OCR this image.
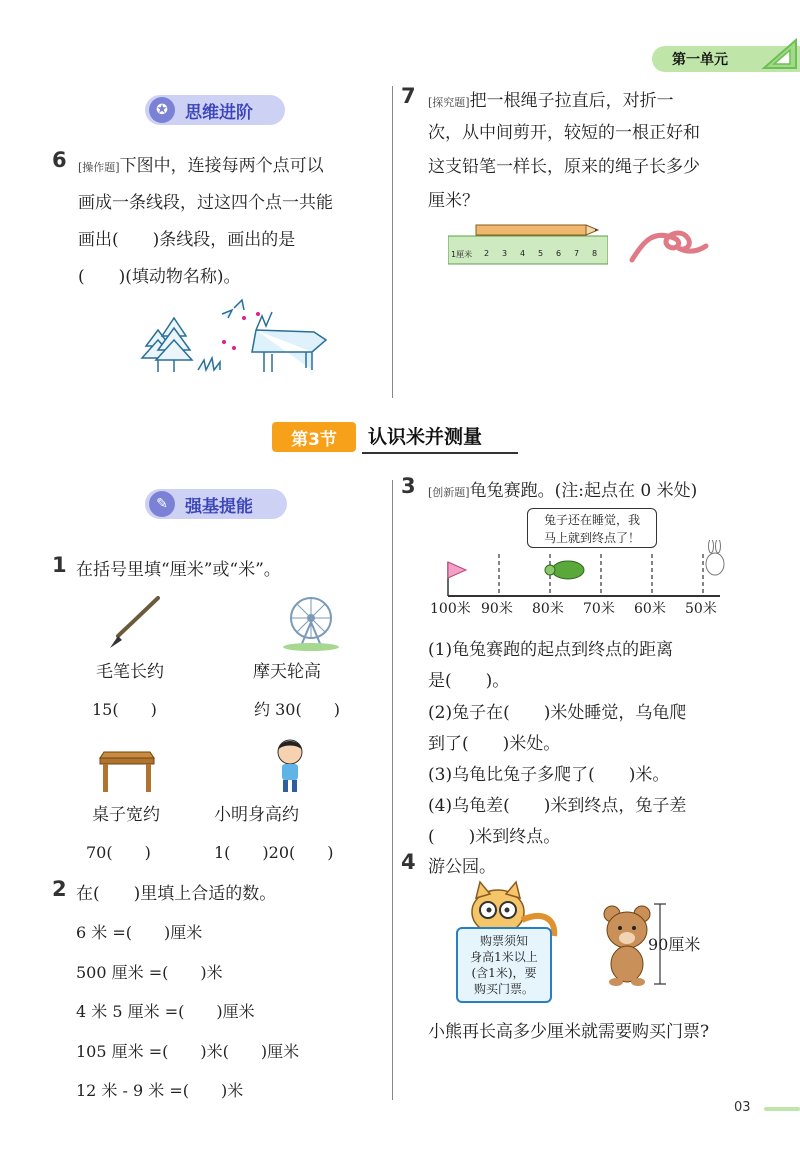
第一单元
✪	思维进阶
6 [操作题]下图中，连接每两个点可以
画成一条线段，过这四个点一共能
画出(　　)条线段，画出的是
(　　)(填动物名称)。
7 [探究题]把一根绳子拉直后，对折一
次，从中间剪开，较短的一根正好和
这支铅笔一样长，原来的绳子长多少
厘米？
1厘米 2 3 4 5 6 7 8
第3节	认识米并测量
✎	强基提能
1 在括号里填“厘米”或“米”。
毛笔长约	摩天轮高
15(　　)	约 30(　　)
桌子宽约	小明身高约
70(　　)	1(　　)20(　　)
2 在(　　)里填上合适的数。
6 米 =(　　)厘米
500 厘米 =(　　)米
4 米 5 厘米 =(　　)厘米
105 厘米 =(　　)米(　　)厘米
12 米 - 9 米 =(　　)米
3 [创新题]龟兔赛跑。(注:起点在 0 米处)
兔子还在睡觉，我
马上就到终点了！
100米 90米 80米 70米 60米 50米
(1)龟兔赛跑的起点到终点的距离
是(　　)。
(2)兔子在(　　)米处睡觉，乌龟爬
到了(　　)米处。
(3)乌龟比兔子多爬了(　　)米。
(4)乌龟差(　　)米到终点，兔子差
(　　)米到终点。
4 游公园。
购票须知
身高1米以上
(含1米)，要
购买门票。
90厘米
小熊再长高多少厘米就需要购买门票?
03
